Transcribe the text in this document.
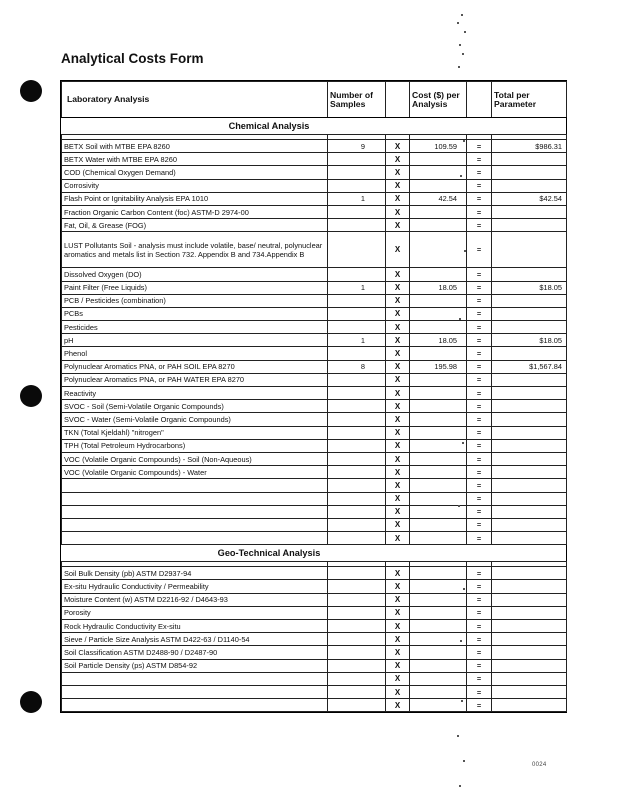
Analytical Costs Form
Laboratory Analysis	Number of Samples		Cost ($) per Analysis		Total per Parameter
Chemical Analysis					

BETX Soil with MTBE EPA 8260	9	X	109.59	=	$986.31
BETX Water with MTBE EPA 8260		X		=	
COD (Chemical Oxygen Demand)		X		=	
Corrosivity		X		=	
Flash Point or Ignitability Analysis EPA 1010	1	X	42.54	=	$42.54
Fraction Organic Carbon Content (foc) ASTM-D 2974-00		X		=	
Fat, Oil, & Grease (FOG)		X		=	
LUST Pollutants Soil - analysis must include volatile, base/ neutral, polynuclear aromatics and metals list in Section 732. Appendix B and 734.Appendix B		X		=	
Dissolved Oxygen (DO)		X		=	
Paint Filter (Free Liquids)	1	X	18.05	=	$18.05
PCB / Pesticides (combination)		X		=	
PCBs		X		=	
Pesticides		X		=	
pH	1	X	18.05	=	$18.05
Phenol		X		=	
Polynuclear Aromatics PNA, or PAH SOIL EPA 8270	8	X	195.98	=	$1,567.84
Polynuclear Aromatics PNA, or PAH WATER EPA 8270		X		=	
Reactivity		X		=	
SVOC - Soil (Semi-Volatile Organic Compounds)		X		=	
SVOC - Water (Semi-Volatile Organic Compounds)		X		=	
TKN (Total Kjeldahl) "nitrogen"		X		=	
TPH (Total Petroleum Hydrocarbons)		X		=	
VOC (Volatile Organic Compounds) - Soil (Non-Aqueous)		X		=	
VOC (Volatile Organic Compounds) - Water		X		=	
		X		=	
		X		=	
		X		=	
		X		=	
		X		=	
Geo-Technical Analysis					

Soil Bulk Density (pb) ASTM D2937-94		X		=	
Ex-situ Hydraulic Conductivity / Permeability		X		=	
Moisture Content (w) ASTM D2216-92 / D4643-93		X		=	
Porosity		X		=	
Rock Hydraulic Conductivity Ex-situ		X		=	
Sieve / Particle Size Analysis ASTM D422-63 / D1140-54		X		=	
Soil Classification ASTM D2488-90 / D2487-90		X		=	
Soil Particle Density (ps) ASTM D854-92		X		=	
		X		=	
		X		=	
		X		=	
0024
